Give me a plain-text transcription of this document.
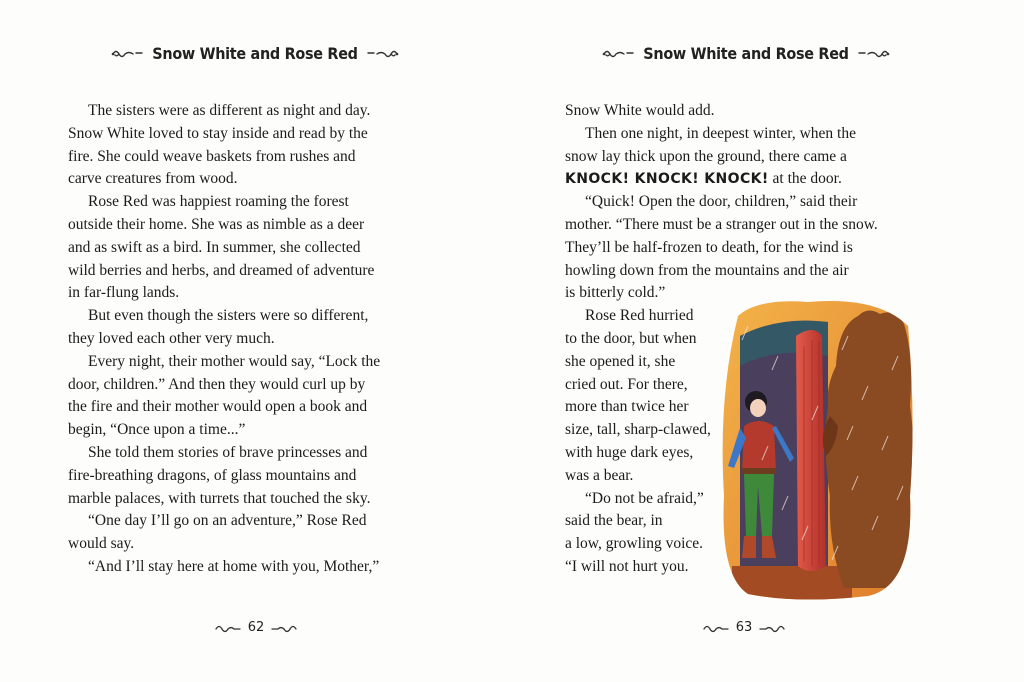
Snow White and Rose Red
The sisters were as different as night and day.
Snow White loved to stay inside and read by the
fire. She could weave baskets from rushes and
carve creatures from wood.
Rose Red was happiest roaming the forest
outside their home. She was as nimble as a deer
and as swift as a bird. In summer, she collected
wild berries and herbs, and dreamed of adventure
in far-flung lands.
But even though the sisters were so different,
they loved each other very much.
Every night, their mother would say, “Lock the
door, children.” And then they would curl up by
the fire and their mother would open a book and
begin, “Once upon a time...”
She told them stories of brave princesses and
fire-breathing dragons, of glass mountains and
marble palaces, with turrets that touched the sky.
“One day I’ll go on an adventure,” Rose Red
would say.
“And I’ll stay here at home with you, Mother,”
62
Snow White and Rose Red
Snow White would add.
Then one night, in deepest winter, when the
snow lay thick upon the ground, there came a
KNOCK! KNOCK! KNOCK! at the door.
“Quick! Open the door, children,” said their
mother. “There must be a stranger out in the snow.
They’ll be half-frozen to death, for the wind is
howling down from the mountains and the air
is bitterly cold.”
Rose Red hurried
to the door, but when
she opened it, she
cried out. For there,
more than twice her
size, tall, sharp-clawed,
with huge dark eyes,
was a bear.
“Do not be afraid,”
said the bear, in
a low, growling voice.
“I will not hurt you.
63
